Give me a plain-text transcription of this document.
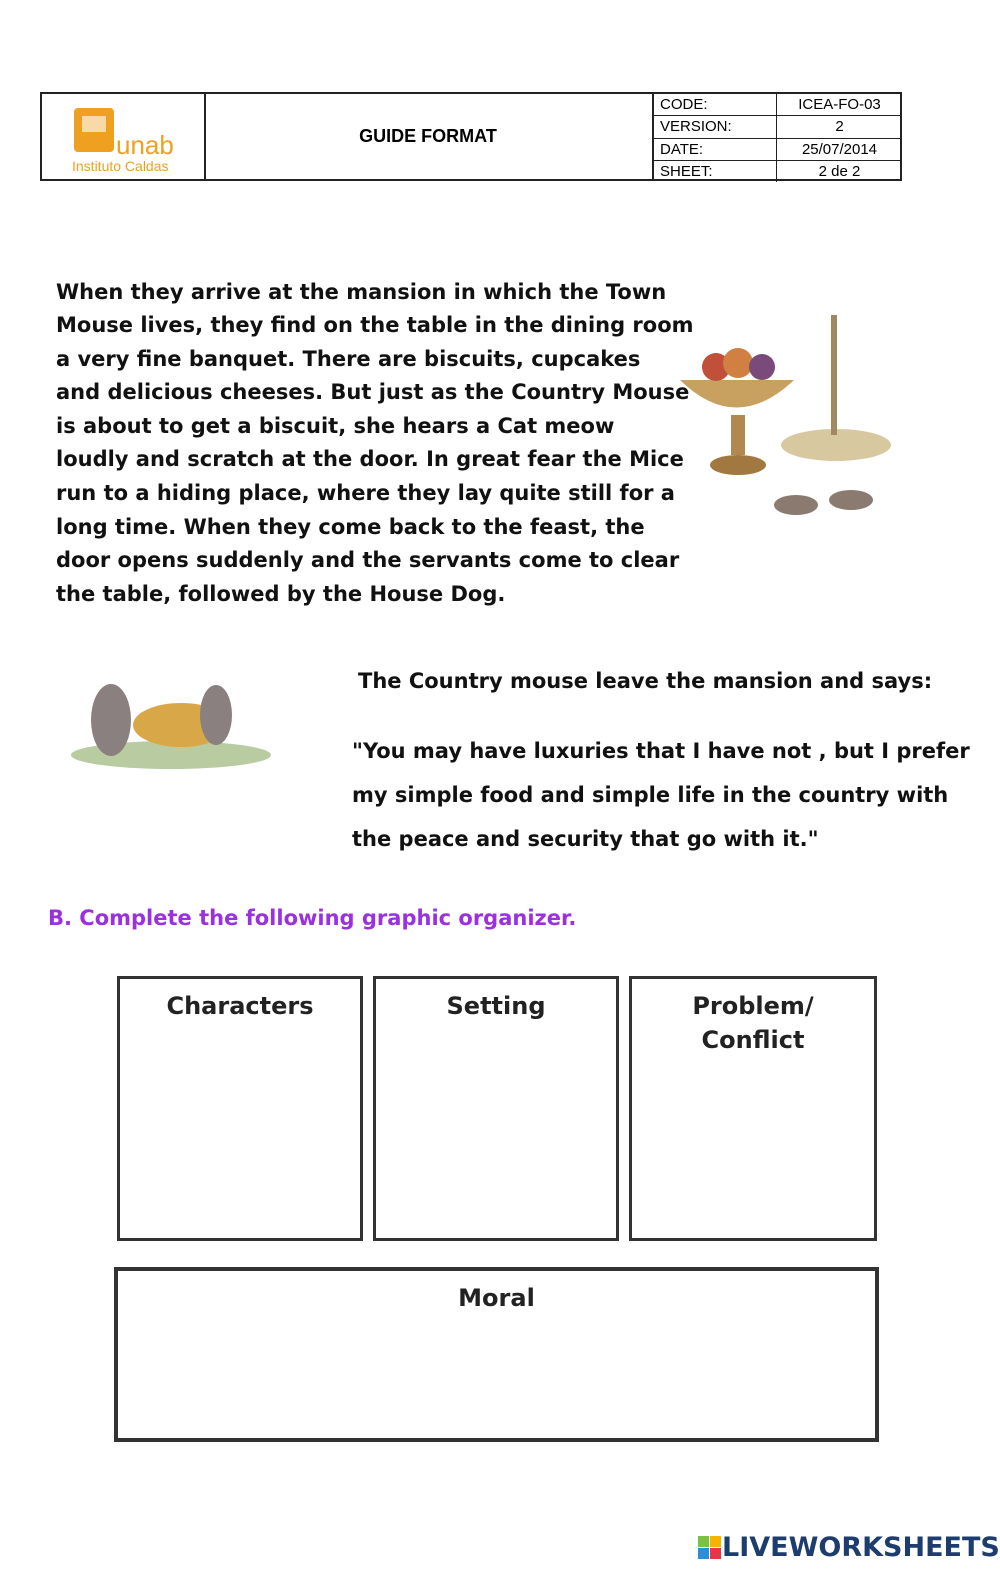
unab
Instituto Caldas
GUIDE FORMAT
CODE:	ICEA-FO-03
VERSION:	2
DATE:	25/07/2014
SHEET:	2 de 2
When they arrive at the mansion in which the Town
Mouse lives, they find on the table in the dining room
a very fine banquet. There are biscuits, cupcakes
and delicious cheeses. But just as the Country Mouse
is about to get a biscuit, she hears a Cat meow
loudly and scratch at the door. In great fear the Mice
run to a hiding place, where they lay quite still for a
long time. When they come back to the feast, the
door opens suddenly and the servants come to clear
the table, followed by the House Dog.
The Country mouse leave the mansion and says:
"You may have luxuries that I have not , but I prefer
my simple food and simple life in the country with
the peace and security that go with it."
B. Complete the following graphic organizer.
Characters	Setting	Problem/ Conflict
Moral
LIVEWORKSHEETS
